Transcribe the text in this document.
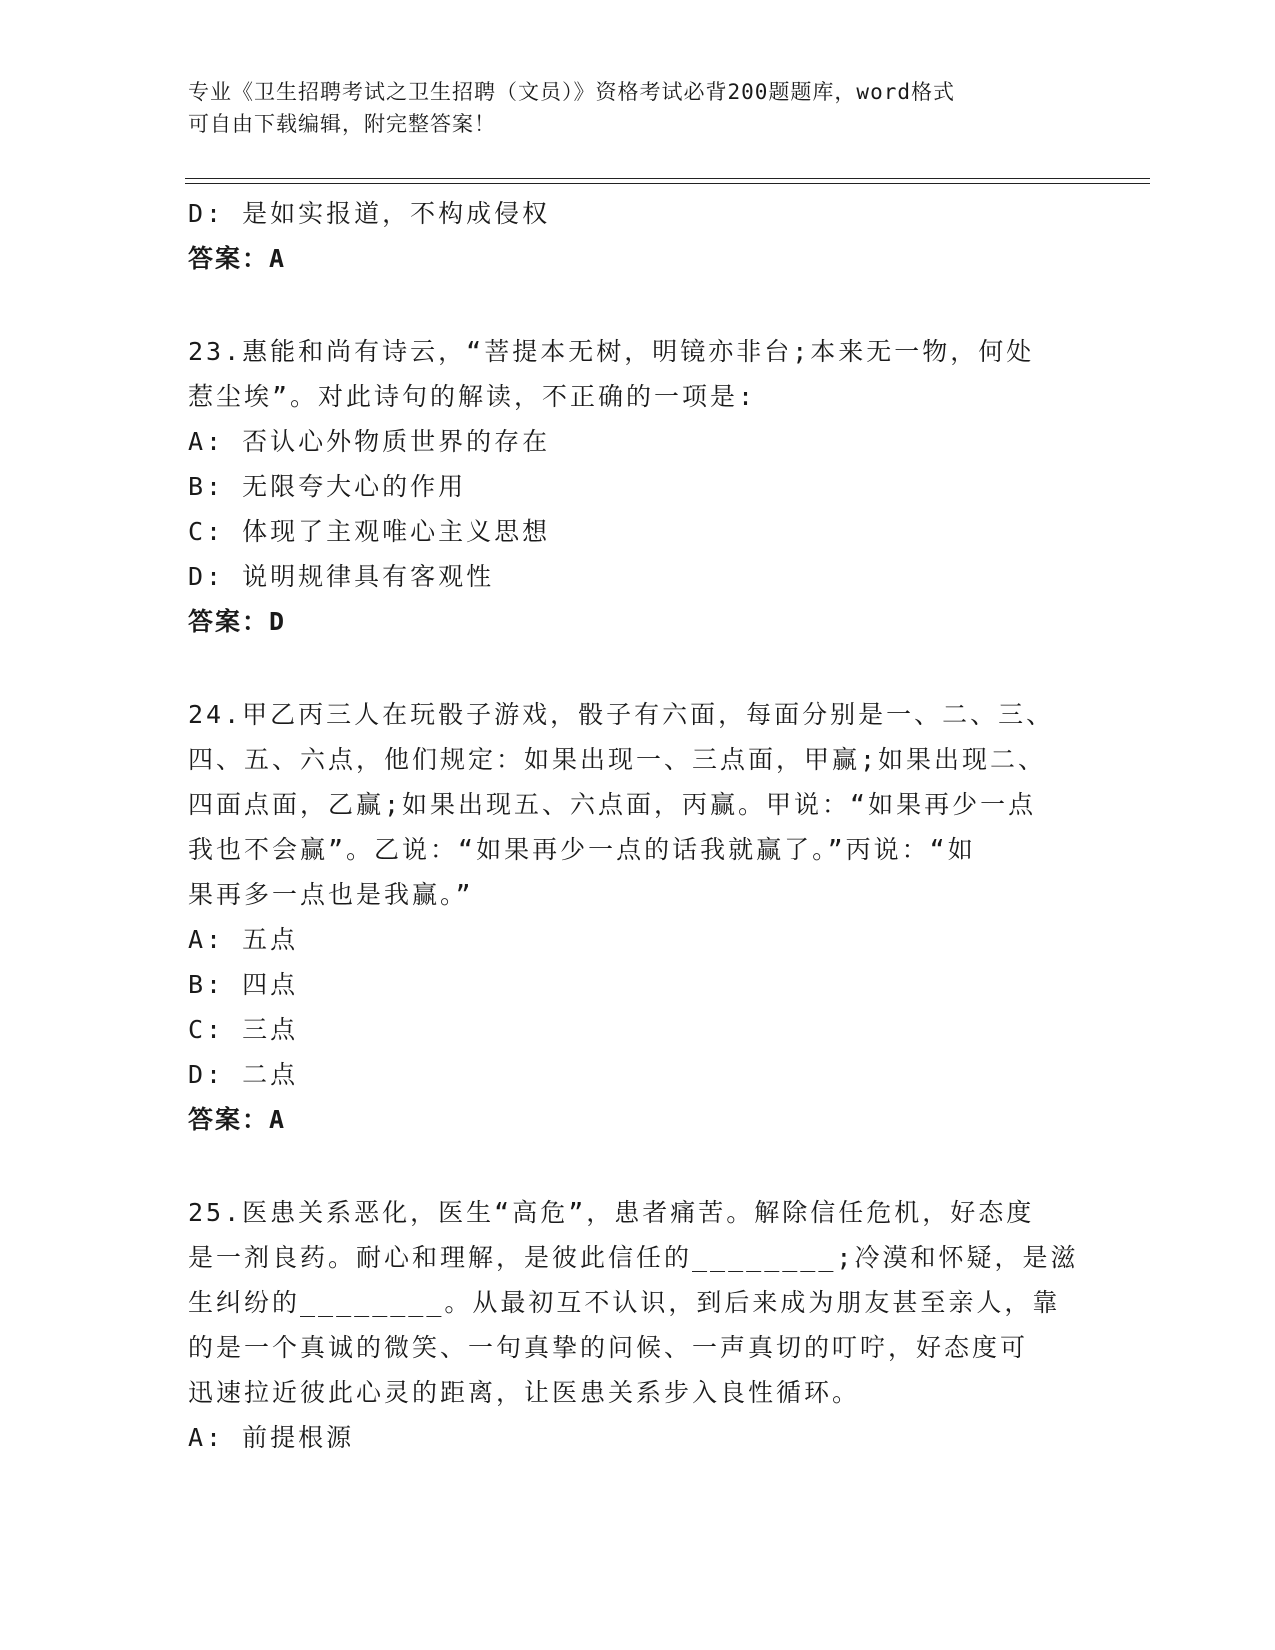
专业《卫生招聘考试之卫生招聘（文员）》资格考试必背200题题库，word格式
可自由下载编辑，附完整答案！
D: 是如实报道，不构成侵权
答案：A
23.惠能和尚有诗云，“菩提本无树，明镜亦非台;本来无一物，何处
惹尘埃”。对此诗句的解读，不正确的一项是:
A: 否认心外物质世界的存在
B: 无限夸大心的作用
C: 体现了主观唯心主义思想
D: 说明规律具有客观性
答案：D
24.甲乙丙三人在玩骰子游戏，骰子有六面，每面分别是一、二、三、
四、五、六点，他们规定：如果出现一、三点面，甲赢;如果出现二、
四面点面，乙赢;如果出现五、六点面，丙赢。甲说：“如果再少一点
我也不会赢”。乙说：“如果再少一点的话我就赢了。”丙说：“如
果再多一点也是我赢。”
A: 五点
B: 四点
C: 三点
D: 二点
答案：A
25.医患关系恶化，医生“高危”，患者痛苦。解除信任危机，好态度
是一剂良药。耐心和理解，是彼此信任的________;冷漠和怀疑，是滋
生纠纷的________。从最初互不认识，到后来成为朋友甚至亲人，靠
的是一个真诚的微笑、一句真挚的问候、一声真切的叮咛，好态度可
迅速拉近彼此心灵的距离，让医患关系步入良性循环。
A: 前提根源
